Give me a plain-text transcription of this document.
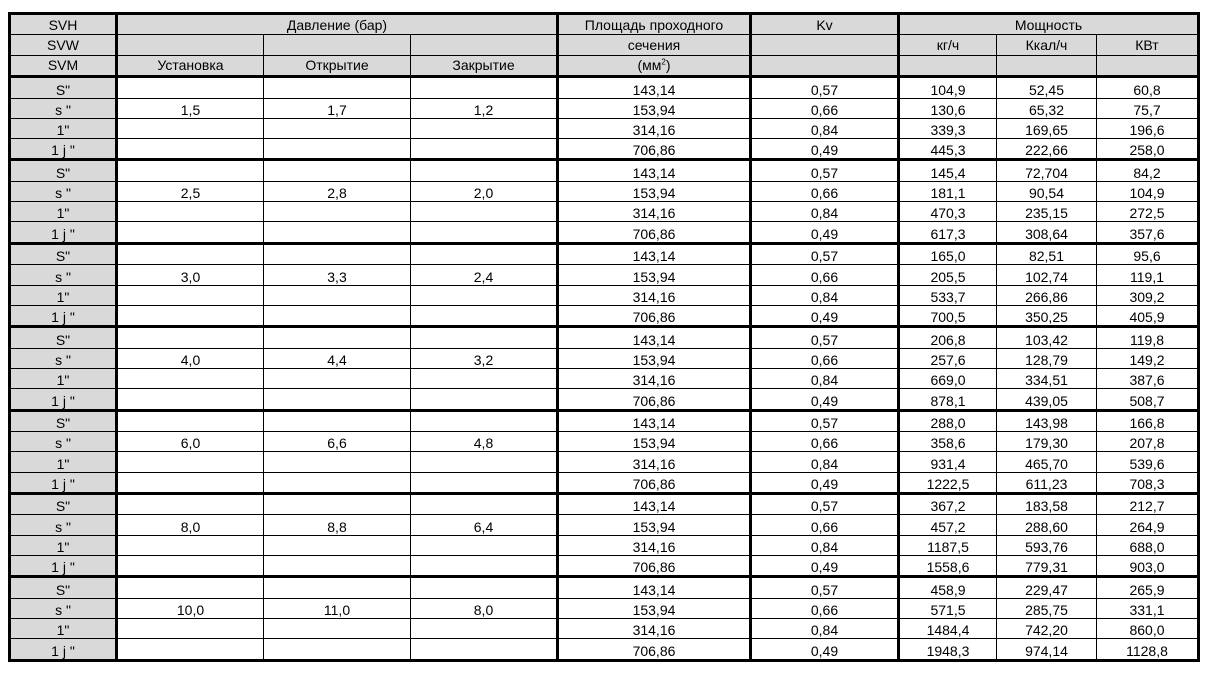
SVH	Давление (бар)			Площадь проходного	Kv	Мощность		
SVW				сечения		кг/ч	Ккал/ч	КВт
SVM	Установка	Открытие	Закрытие	$(мм^2)$				
S"				143,14	0,57	104,9	52,45	60,8
s "	1,5	1,7	1,2	153,94	0,66	130,6	65,32	75,7
1"				314,16	0,84	339,3	169,65	196,6
1 j "				706,86	0,49	445,3	222,66	258,0
S"				143,14	0,57	145,4	72,704	84,2
s "	2,5	2,8	2,0	153,94	0,66	181,1	90,54	104,9
1"				314,16	0,84	470,3	235,15	272,5
1 j "				706,86	0,49	617,3	308,64	357,6
S"				143,14	0,57	165,0	82,51	95,6
s "	3,0	3,3	2,4	153,94	0,66	205,5	102,74	119,1
1"				314,16	0,84	533,7	266,86	309,2
1 j "				706,86	0,49	700,5	350,25	405,9
S"				143,14	0,57	206,8	103,42	119,8
s "	4,0	4,4	3,2	153,94	0,66	257,6	128,79	149,2
1"				314,16	0,84	669,0	334,51	387,6
1 j "				706,86	0,49	878,1	439,05	508,7
S"				143,14	0,57	288,0	143,98	166,8
s "	6,0	6,6	4,8	153,94	0,66	358,6	179,30	207,8
1"				314,16	0,84	931,4	465,70	539,6
1 j "				706,86	0,49	1222,5	611,23	708,3
S"				143,14	0,57	367,2	183,58	212,7
s "	8,0	8,8	6,4	153,94	0,66	457,2	288,60	264,9
1"				314,16	0,84	1187,5	593,76	688,0
1 j "				706,86	0,49	1558,6	779,31	903,0
S"				143,14	0,57	458,9	229,47	265,9
s "	10,0	11,0	8,0	153,94	0,66	571,5	285,75	331,1
1"				314,16	0,84	1484,4	742,20	860,0
1 j "				706,86	0,49	1948,3	974,14	1128,8
